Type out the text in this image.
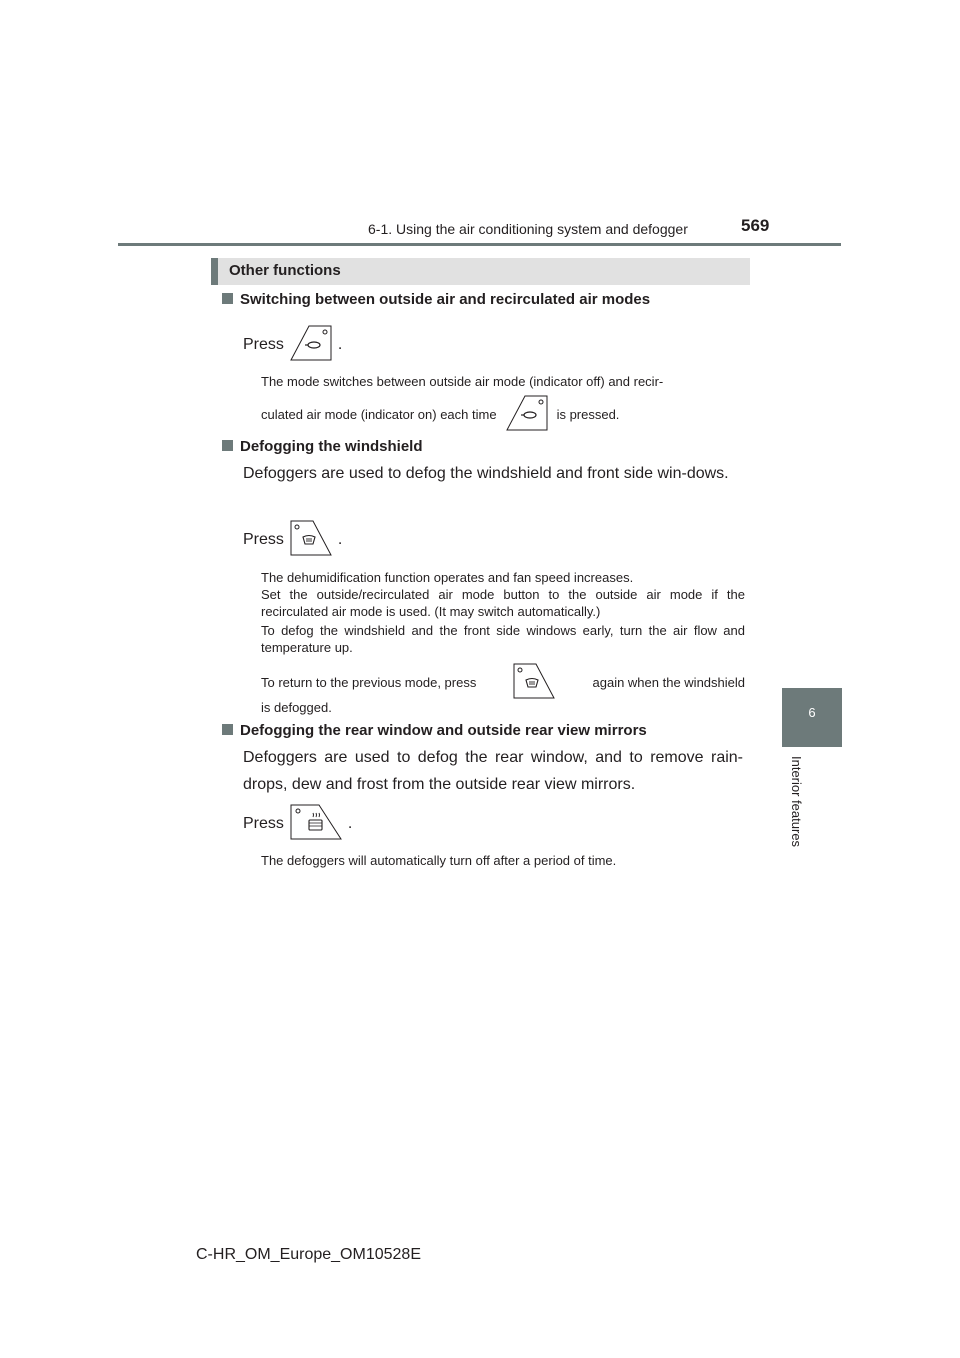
6-1. Using the air conditioning system and defogger	569
6
Interior features
Other functions
Switching between outside air and recirculated air modes
Press	.
The mode switches between outside air mode (indicator off) and recir-
culated air mode (indicator on) each time	is pressed.
Defogging the windshield
Defoggers are used to defog the windshield and front side win-dows.
Press	.
The dehumidification function operates and fan speed increases.
Set the outside/recirculated air mode button to the outside air mode if the recirculated air mode is used. (It may switch automatically.)
To defog the windshield and the front side windows early, turn the air flow and temperature up.
To return to the previous mode, press	again when the windshield
is defogged.
Defogging the rear window and outside rear view mirrors
Defoggers are used to defog the rear window, and to remove rain-drops, dew and frost from the outside rear view mirrors.
Press	.
The defoggers will automatically turn off after a period of time.
C-HR_OM_Europe_OM10528E
